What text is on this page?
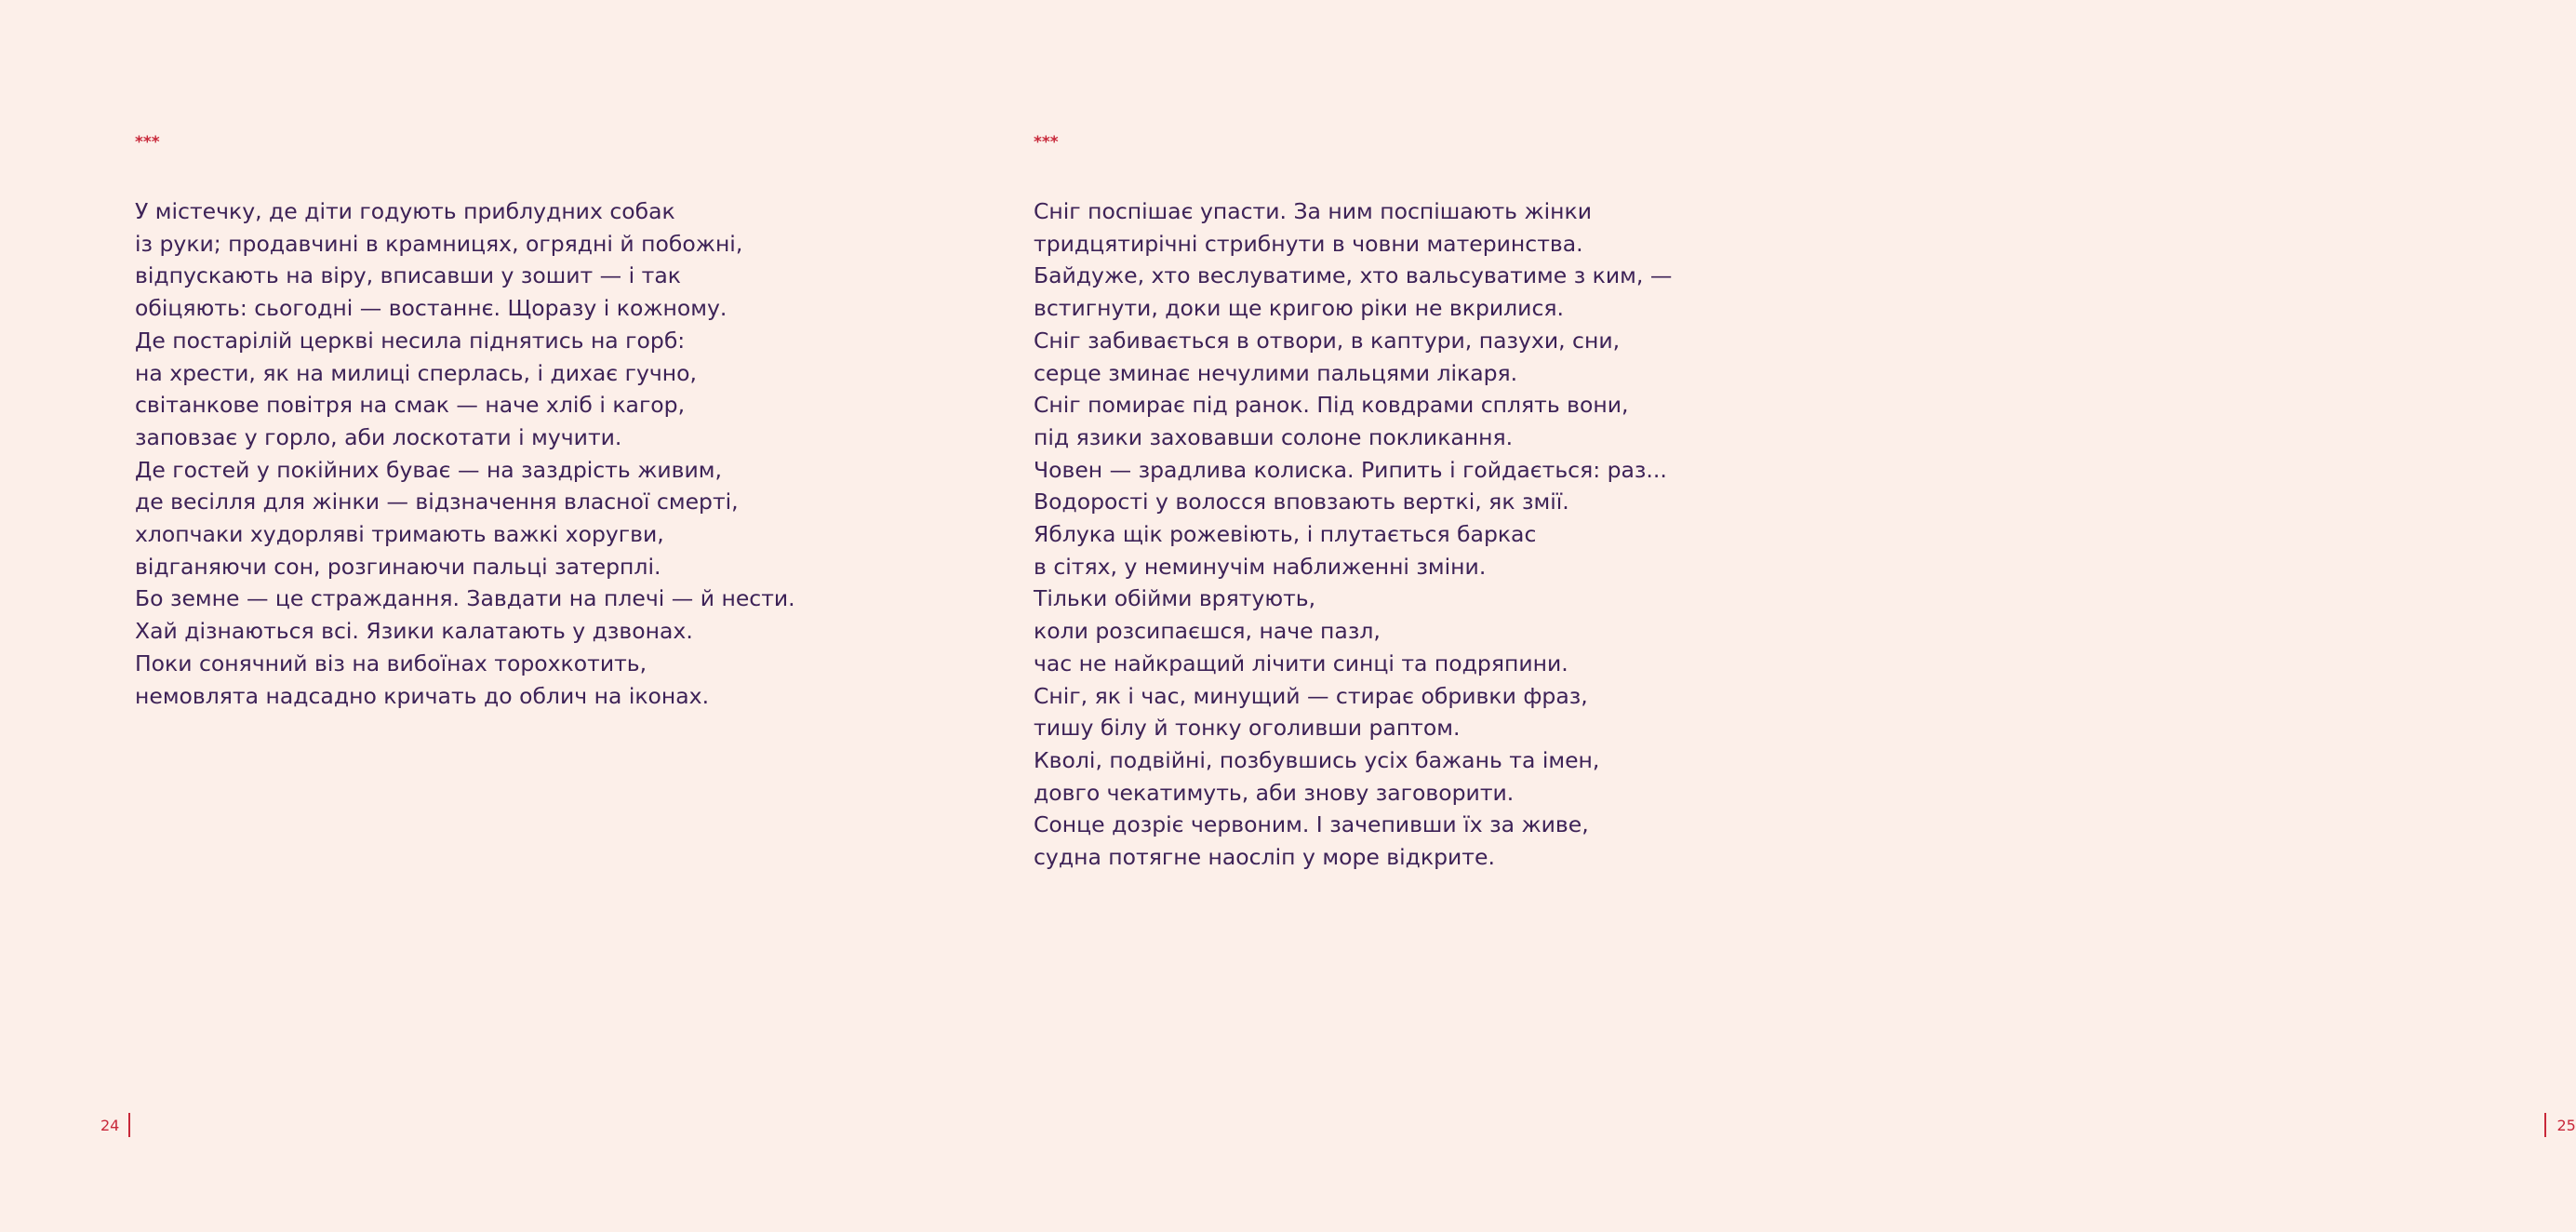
***
У містечку, де діти годують приблудних собак
із руки; продавчині в крамницях, огрядні й побожні,
відпускають на віру, вписавши у зошит — і так
обіцяють: сьогодні — востаннє. Щоразу і кожному.
Де постарілій церкві несила піднятись на горб:
на хрести, як на милиці сперлась, і дихає гучно,
світанкове повітря на смак — наче хліб і кагор,
заповзає у горло, аби лоскотати і мучити.
Де гостей у покійних буває — на заздрість живим,
де весілля для жінки — відзначення власної смерті,
хлопчаки худорляві тримають важкі хоругви,
відганяючи сон, розгинаючи пальці затерплі.
Бо земне — це страждання. Завдати на плечі — й нести.
Хай дізнаються всі. Язики калатають у дзвонах.
Поки сонячний віз на вибоїнах торохкотить,
немовлята надсадно кричать до облич на іконах.
24
***
Сніг поспішає упасти. За ним поспішають жінки
тридцятирічні стрибнути в човни материнства.
Байдуже, хто веслуватиме, хто вальсуватиме з ким, —
встигнути, доки ще кригою ріки не вкрилися.
Сніг забивається в отвори, в каптури, пазухи, сни,
серце зминає нечулими пальцями лікаря.
Сніг помирає під ранок. Під ковдрами сплять вони,
під язики заховавши солоне покликання.
Човен — зрадлива колиска. Рипить і гойдається: раз...
Водорості у волосся вповзають верткі, як змії.
Яблука щік рожевіють, і плутається баркас
в сітях, у неминучім наближенні зміни.
Тільки обійми врятують,
коли розсипаєшся, наче пазл,
час не найкращий лічити синці та подряпини.
Сніг, як і час, минущий — стирає обривки фраз,
тишу білу й тонку оголивши раптом.
Кволі, подвійні, позбувшись усіх бажань та імен,
довго чекатимуть, аби знову заговорити.
Сонце дозріє червоним. І зачепивши їх за живе,
судна потягне наосліп у море відкрите.
25
